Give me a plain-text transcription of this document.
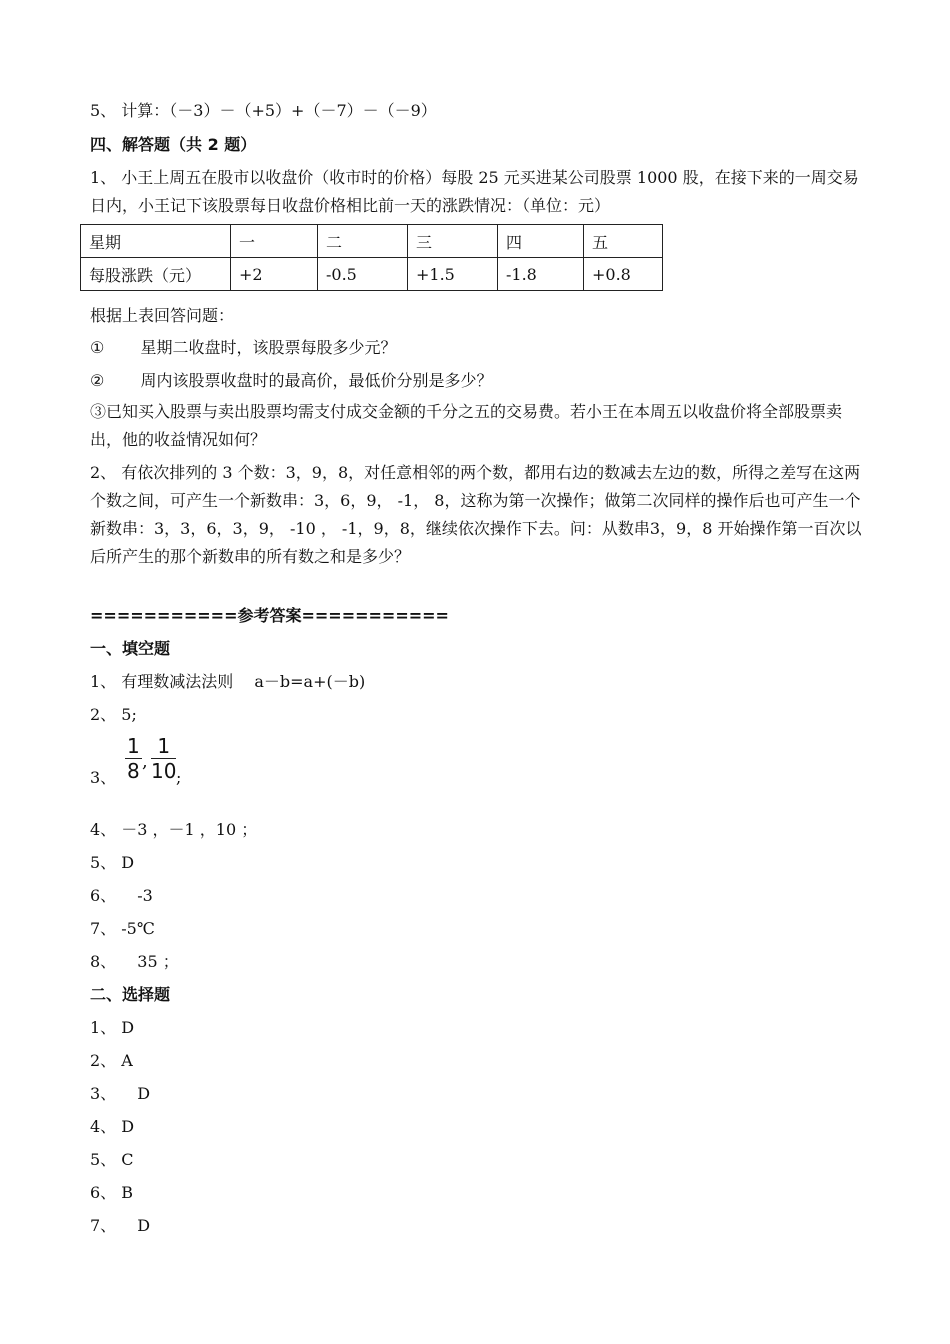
5、 计算：（－3）－（+5）+（－7）－（－9）
四、解答题（共 2 题）
1、 小王上周五在股市以收盘价（收市时的价格）每股 25 元买进某公司股票 1000 股，在接下来的一周交易日内，小王记下该股票每日收盘价格相比前一天的涨跌情况：（单位：元）
星期	一	二	三	四	五
每股涨跌（元）	+2	-0.5	+1.5	-1.8	+0.8
根据上表回答问题：
① 星期二收盘时，该股票每股多少元？
② 周内该股票收盘时的最高价，最低价分别是多少？
③已知买入股票与卖出股票均需支付成交金额的千分之五的交易费。若小王在本周五以收盘价将全部股票卖出，他的收益情况如何？
2、 有依次排列的 3 个数：3，9，8，对任意相邻的两个数，都用右边的数减去左边的数，所得之差写在这两个数之间，可产生一个新数串：3，6，9， -1， 8，这称为第一次操作；做第二次同样的操作后也可产生一个新数串：3，3，6，3，9， -10 ， -1，9，8，继续依次操作下去。问：从数串3，9，8 开始操作第一百次以后所产生的那个新数串的所有数之和是多少？
===========参考答案===========
一、填空题
1、 有理数减法法则　 a－b=a+(－b)
2、 5;
3、 $\frac{1}{8}$ , $\frac{1}{10}$ ;
4、 －3 ，－1 ，10 ；
5、 D
6、 　-3
7、 -5℃
8、 　35 ；
二、选择题
1、 D
2、 A
3、 　D
4、 D
5、 C
6、 B
7、 　D
